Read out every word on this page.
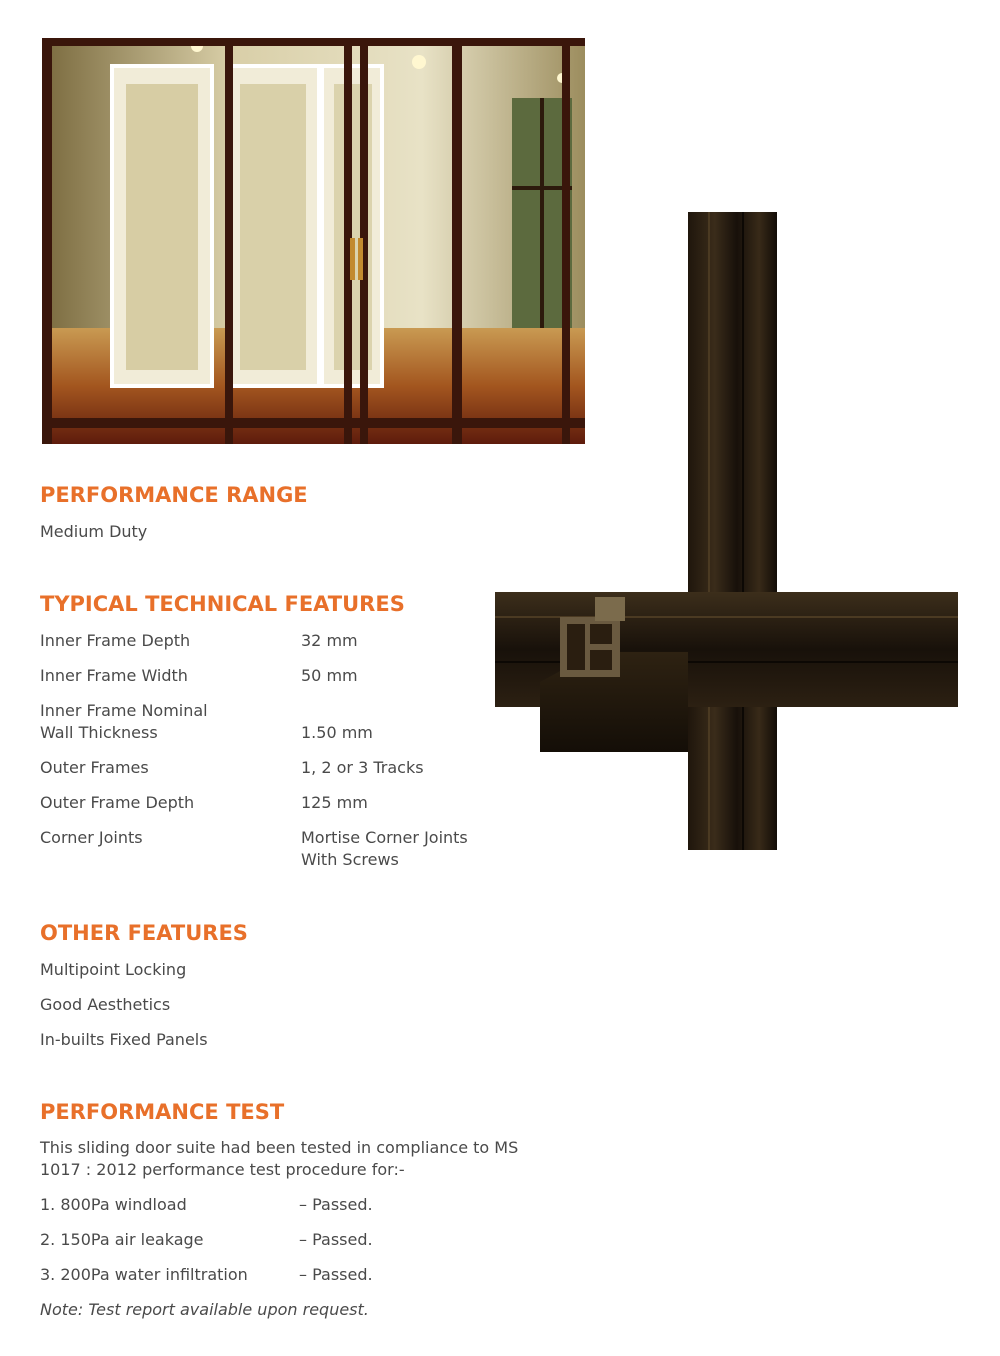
PERFORMANCE RANGE

Medium Duty

TYPICAL TECHNICAL FEATURES

Inner Frame Depth	32 mm

Inner Frame Width	50 mm

Inner Frame Nominal
Wall Thickness	1.50 mm

Outer Frames	1, 2 or 3 Tracks

Outer Frame Depth	125 mm

Corner Joints	Mortise Corner Joints
With Screws

OTHER FEATURES

Multipoint Locking

Good Aesthetics

In-builts Fixed Panels

PERFORMANCE TEST

This sliding door suite had been tested in compliance to MS 1017 : 2012 performance test procedure for:-

1. 800Pa windload	– Passed.

2. 150Pa air leakage	– Passed.

3. 200Pa water infiltration	– Passed.

Note: Test report available upon request.
